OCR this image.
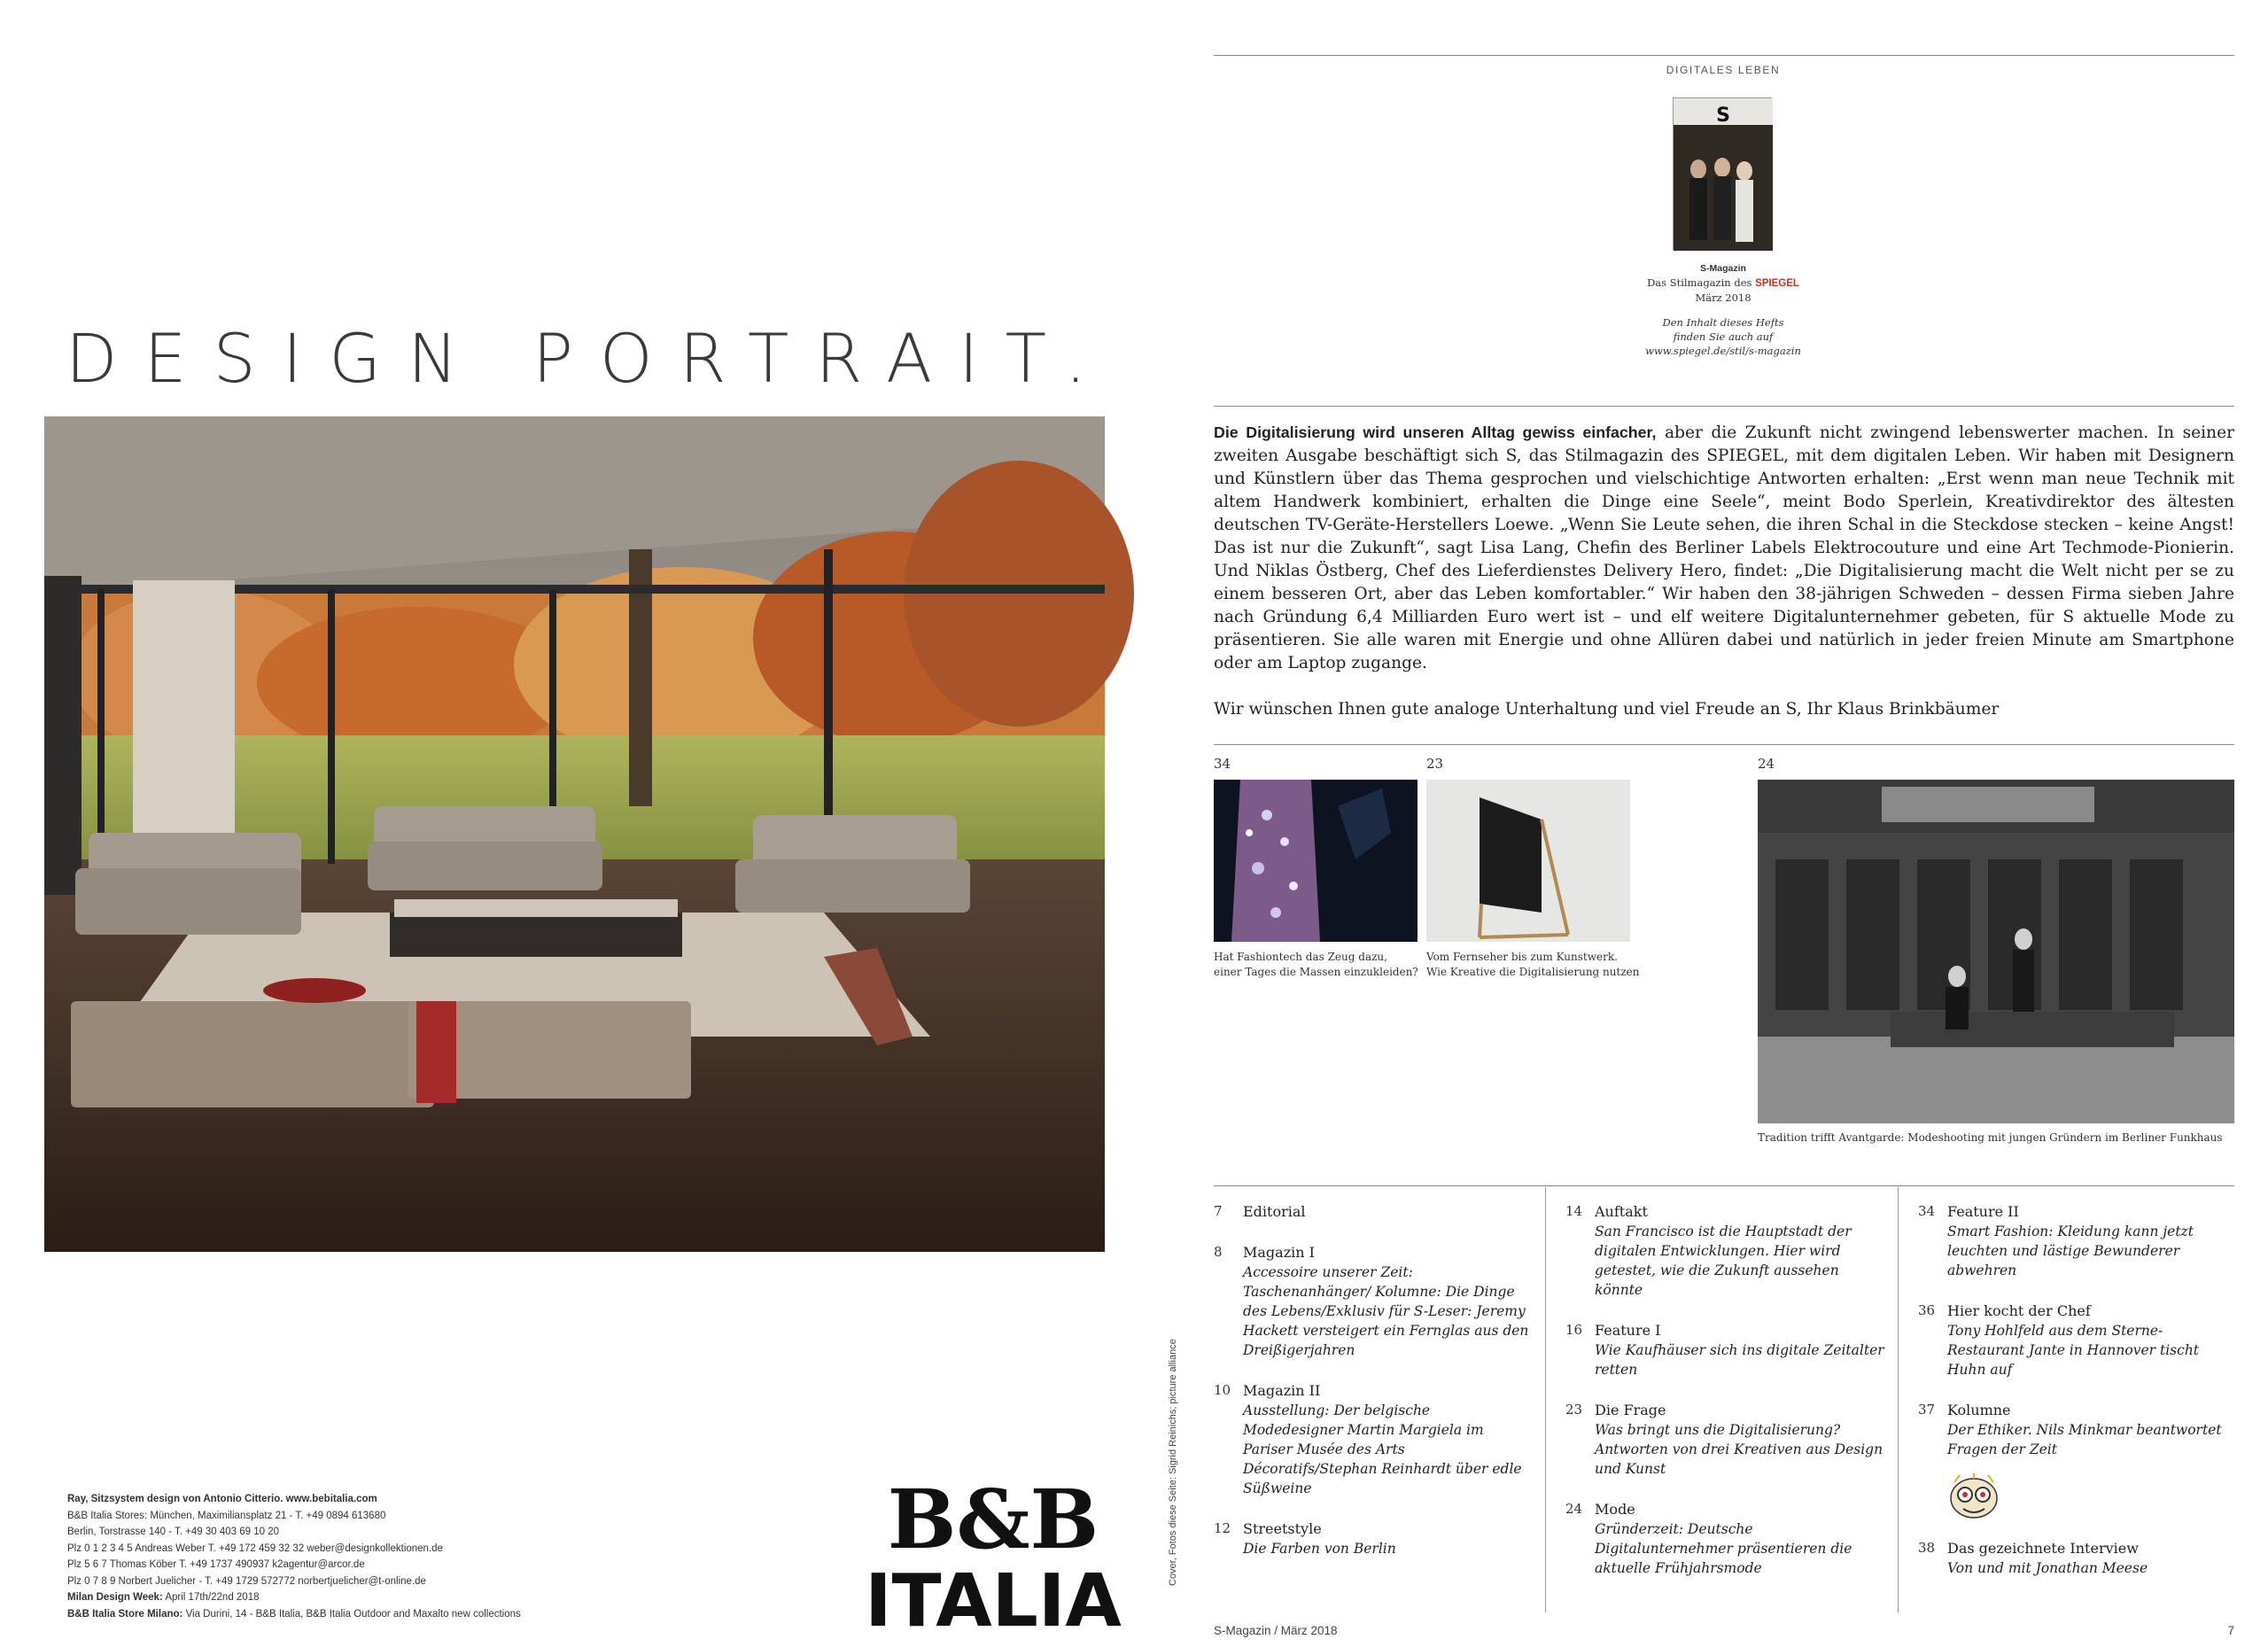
DESIGN PORTRAIT.
Ray, Sitzsystem design von Antonio Citterio. www.bebitalia.com
B&B Italia Stores: München, Maximiliansplatz 21 - T. +49 0894 613680
Berlin, Torstrasse 140 - T. +49 30 403 69 10 20
Plz 0 1 2 3 4 5 Andreas Weber T. +49 172 459 32 32 weber@designkollektionen.de
Plz 5 6 7 Thomas Köber T. +49 1737 490937 k2agentur@arcor.de
Plz 0 7 8 9 Norbert Juelicher - T. +49 1729 572772 norbertjuelicher@t-online.de
Milan Design Week: April 17th/22nd 2018
B&B Italia Store Milano: Via Durini, 14 - B&B Italia, B&B Italia Outdoor and Maxalto new collections
B&B
ITALIA
DIGITALES LEBEN
S
S-Magazin
Das Stilmagazin des SPIEGEL
März 2018
Den Inhalt dieses Hefts
finden Sie auch auf
www.spiegel.de/stil/s-magazin

Die Digitalisierung wird unseren Alltag gewiss einfacher, aber die Zukunft nicht zwingend lebenswerter machen. In seiner zweiten Ausgabe beschäftigt sich S, das Stilmagazin des SPIEGEL, mit dem digitalen Leben. Wir haben mit Designern und Künstlern über das Thema gesprochen und vielschichtige Antworten erhalten: „Erst wenn man neue Technik mit altem Handwerk kombiniert, erhalten die Dinge eine Seele“, meint Bodo Sperlein, Kreativdirektor des ältesten deutschen TV-Geräte-Herstellers Loewe. „Wenn Sie Leute sehen, die ihren Schal in die Steckdose stecken – keine Angst! Das ist nur die Zukunft“, sagt Lisa Lang, Chefin des Berliner Labels Elektrocouture und eine Art Techmode-Pionierin. Und Niklas Östberg, Chef des Lieferdienstes Delivery Hero, findet: „Die Digitalisierung macht die Welt nicht per se zu einem besseren Ort, aber das Leben komfortabler.“ Wir haben den 38-jährigen Schweden – dessen Firma sieben Jahre nach Gründung 6,4 Milliarden Euro wert ist – und elf weitere Digitalunternehmer gebeten, für S aktuelle Mode zu präsentieren. Sie alle waren mit Energie und ohne Allüren dabei und natürlich in jeder freien Minute am Smartphone oder am Laptop zugange.

Wir wünschen Ihnen gute analoge Unterhaltung und viel Freude an S, Ihr Klaus Brinkbäumer

34
Hat Fashiontech das Zeug dazu,
einer Tages die Massen einzukleiden?
23
Vom Fernseher bis zum Kunstwerk.
Wie Kreative die Digitalisierung nutzen
24
Tradition trifft Avantgarde: Modeshooting mit jungen Gründern im Berliner Funkhaus
7 Editorial
8 Magazin I
Accessoire unserer Zeit: Taschenanhänger/ Kolumne: Die Dinge des Lebens/Exklusiv für S-Leser: Jeremy Hackett versteigert ein Fernglas aus den Dreißigerjahren
10 Magazin II
Ausstellung: Der belgische Modedesigner Martin Margiela im Pariser Musée des Arts Décoratifs/Stephan Reinhardt über edle Süßweine
12 Streetstyle
Die Farben von Berlin
14 Auftakt
San Francisco ist die Hauptstadt der digitalen Entwicklungen. Hier wird getestet, wie die Zukunft aussehen könnte
16 Feature I
Wie Kaufhäuser sich ins digitale Zeitalter retten
23 Die Frage
Was bringt uns die Digitalisierung? Antworten von drei Kreativen aus Design und Kunst
24 Mode
Gründerzeit: Deutsche Digitalunternehmer präsentieren die aktuelle Frühjahrsmode
34 Feature II
Smart Fashion: Kleidung kann jetzt leuchten und lästige Bewunderer abwehren
36 Hier kocht der Chef
Tony Hohlfeld aus dem Sterne-Restaurant Jante in Hannover tischt Huhn auf
37 Kolumne
Der Ethiker. Nils Minkmar beantwortet Fragen der Zeit
38 Das gezeichnete Interview
Von und mit Jonathan Meese
Cover, Fotos diese Seite: Sigrid Reinichs; picture alliance
S-Magazin / März 2018	7
